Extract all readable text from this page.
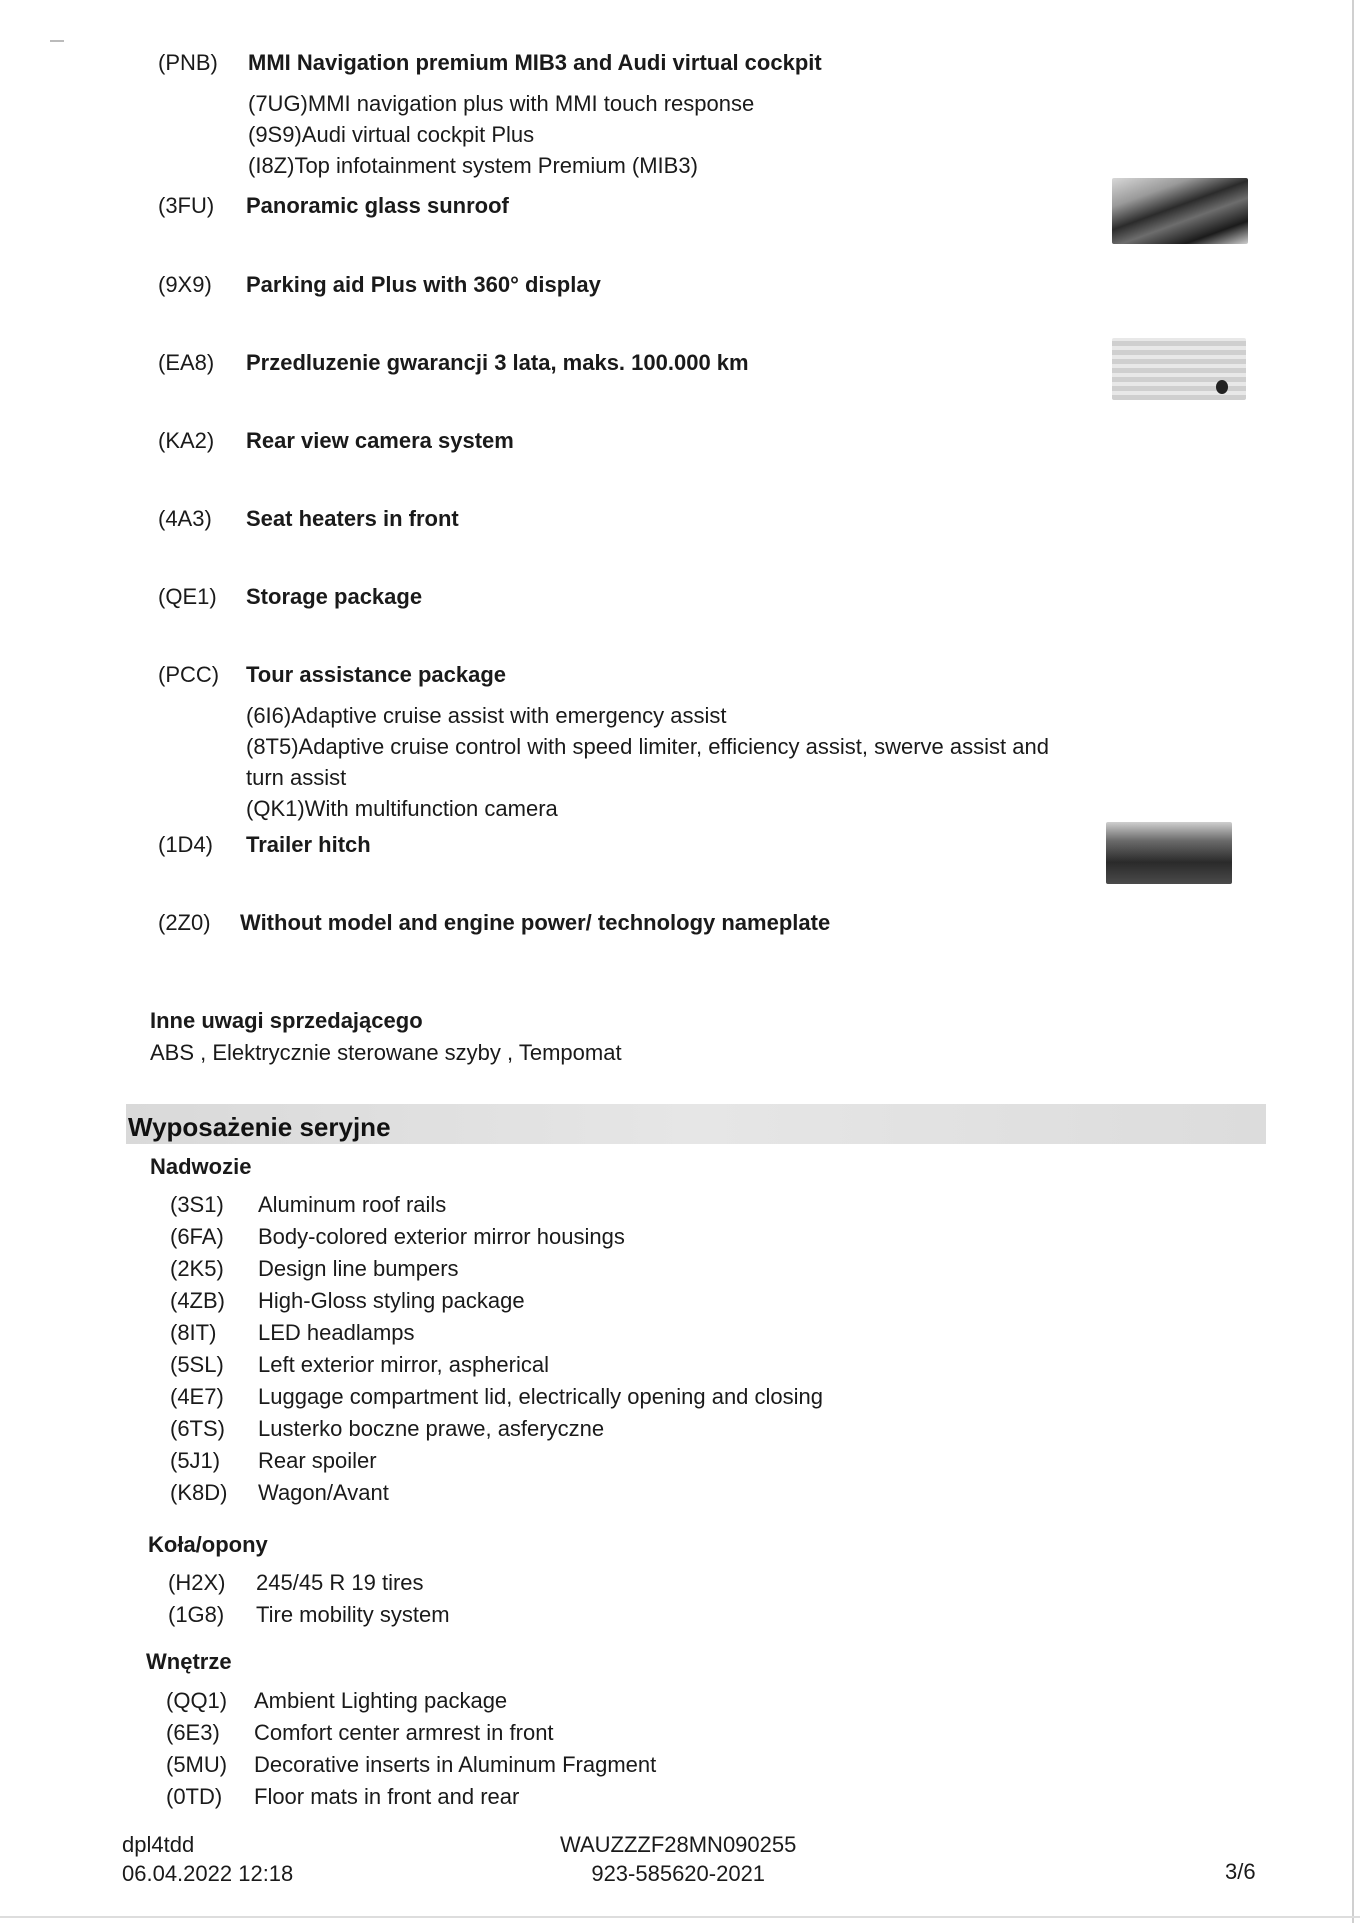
(PNB) MMI Navigation premium MIB3 and Audi virtual cockpit
(7UG)MMI navigation plus with MMI touch response
(9S9)Audi virtual cockpit Plus
(I8Z)Top infotainment system Premium (MIB3)
(3FU) Panoramic glass sunroof
(9X9) Parking aid Plus with 360° display
(EA8) Przedluzenie gwarancji 3 lata, maks. 100.000 km
(KA2) Rear view camera system
(4A3) Seat heaters in front
(QE1) Storage package
(PCC) Tour assistance package
(6I6)Adaptive cruise assist with emergency assist
(8T5)Adaptive cruise control with speed limiter, efficiency assist, swerve assist and turn assist
(QK1)With multifunction camera
(1D4) Trailer hitch
(2Z0) Without model and engine power/ technology nameplate
Inne uwagi sprzedającego
ABS , Elektrycznie sterowane szyby , Tempomat
Wyposażenie seryjne
Nadwozie
(3S1) Aluminum roof rails
(6FA) Body-colored exterior mirror housings
(2K5) Design line bumpers
(4ZB) High-Gloss styling package
(8IT) LED headlamps
(5SL) Left exterior mirror, aspherical
(4E7) Luggage compartment lid, electrically opening and closing
(6TS) Lusterko boczne prawe, asferyczne
(5J1) Rear spoiler
(K8D) Wagon/Avant
Koła/opony
(H2X) 245/45 R 19 tires
(1G8) Tire mobility system
Wnętrze
(QQ1) Ambient Lighting package
(6E3) Comfort center armrest in front
(5MU) Decorative inserts in Aluminum Fragment
(0TD) Floor mats in front and rear
dpl4tdd
06.04.2022 12:18
WAUZZZF28MN090255
923-585620-2021	3/6
